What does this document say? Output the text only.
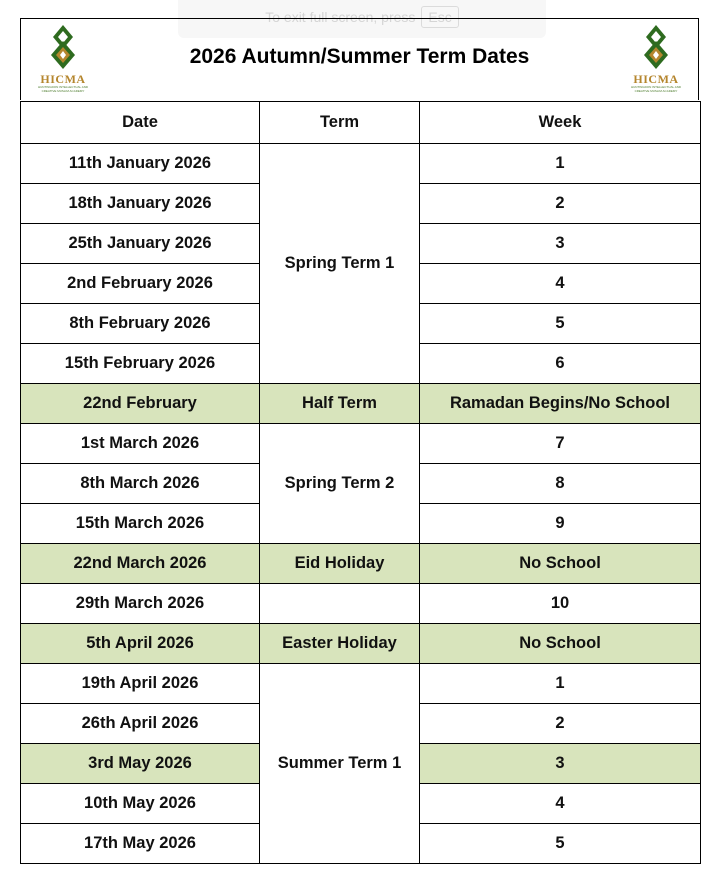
To exit full screen, press Esc
HICMA
HUNTINGDON INTELLECTUAL AND CREATIVE MUSLIM ACADEMY
2026 Autumn/Summer Term Dates
HICMA
HUNTINGDON INTELLECTUAL AND CREATIVE MUSLIM ACADEMY
Date	Term	Week
11th January 2026	Spring Term 1	1
18th January 2026		2
25th January 2026		3
2nd February 2026		4
8th February 2026		5
15th February 2026		6
22nd February	Half Term	Ramadan Begins/No School
1st March 2026	Spring Term 2	7
8th March 2026		8
15th March 2026		9
22nd March 2026	Eid Holiday	No School
29th March 2026		10
5th April 2026	Easter Holiday	No School
19th April 2026	Summer Term 1	1
26th April 2026		2
3rd May 2026		3
10th May 2026		4
17th May 2026		5
